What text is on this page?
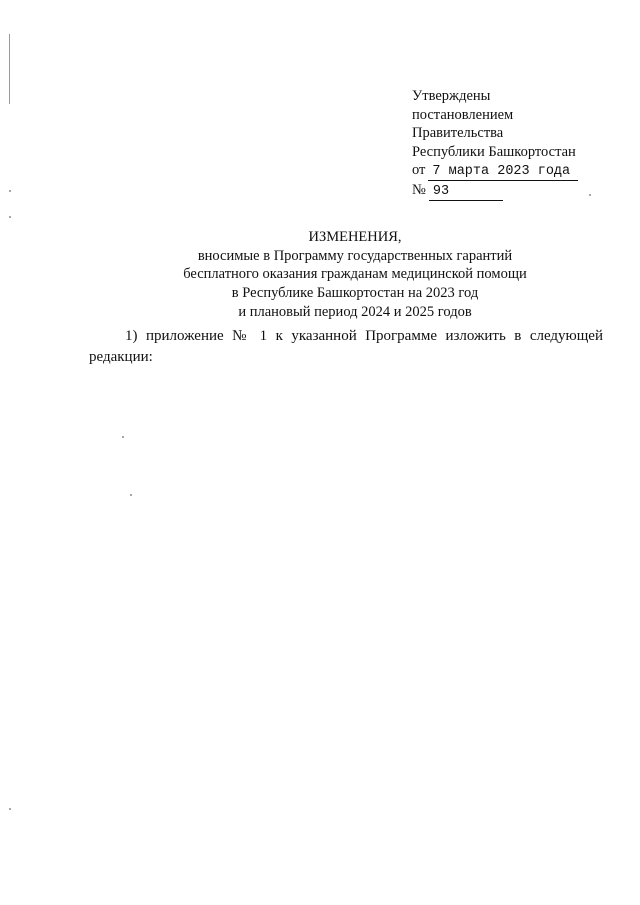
Утверждены
постановлением
Правительства
Республики Башкортостан
от 7 марта 2023 года
№ 93
ИЗМЕНЕНИЯ,
вносимые в Программу государственных гарантий
бесплатного оказания гражданам медицинской помощи
в Республике Башкортостан на 2023 год
и плановый период 2024 и 2025 годов
1) приложение № 1 к указанной Программе изложить в следующей редакции:
